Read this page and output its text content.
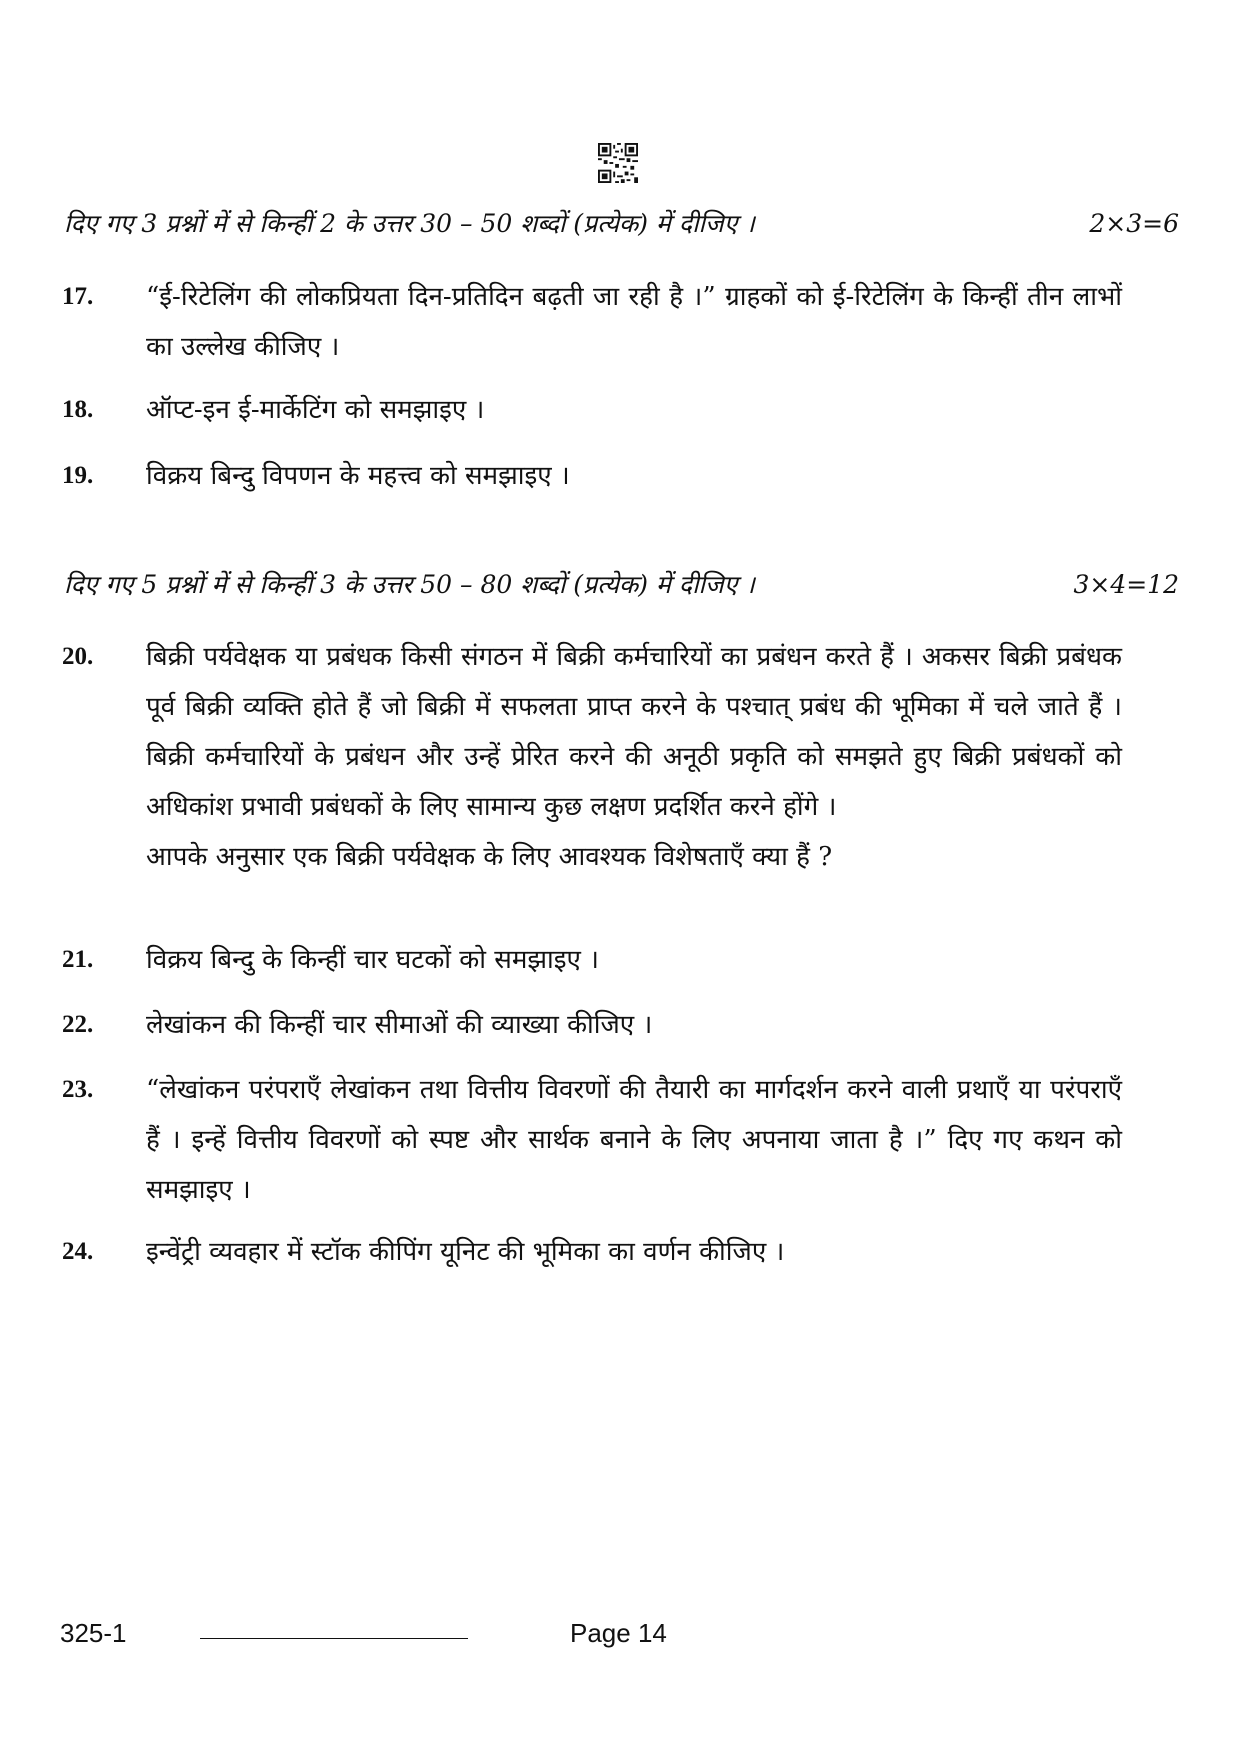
दिए गए 3 प्रश्नों में से किन्हीं 2 के उत्तर 30 – 50 शब्दों (प्रत्येक) में दीजिए ।	2×3=6
17.	“ई-रिटेलिंग की लोकप्रियता दिन-प्रतिदिन बढ़ती जा रही है ।” ग्राहकों को ई-रिटेलिंग के किन्हीं तीन लाभों का उल्लेख कीजिए ।
18.	ऑप्ट-इन ई-मार्केटिंग को समझाइए ।
19.	विक्रय बिन्दु विपणन के महत्त्व को समझाइए ।
दिए गए 5 प्रश्नों में से किन्हीं 3 के उत्तर 50 – 80 शब्दों (प्रत्येक) में दीजिए ।	3×4=12
20.	बिक्री पर्यवेक्षक या प्रबंधक किसी संगठन में बिक्री कर्मचारियों का प्रबंधन करते हैं । अकसर बिक्री प्रबंधक पूर्व बिक्री व्यक्ति होते हैं जो बिक्री में सफलता प्राप्त करने के पश्चात् प्रबंध की भूमिका में चले जाते हैं । बिक्री कर्मचारियों के प्रबंधन और उन्हें प्रेरित करने की अनूठी प्रकृति को समझते हुए बिक्री प्रबंधकों को अधिकांश प्रभावी प्रबंधकों के लिए सामान्य कुछ लक्षण प्रदर्शित करने होंगे ।

आपके अनुसार एक बिक्री पर्यवेक्षक के लिए आवश्यक विशेषताएँ क्या हैं ?

21.	विक्रय बिन्दु के किन्हीं चार घटकों को समझाइए ।
22.	लेखांकन की किन्हीं चार सीमाओं की व्याख्या कीजिए ।
23.	“लेखांकन परंपराएँ लेखांकन तथा वित्तीय विवरणों की तैयारी का मार्गदर्शन करने वाली प्रथाएँ या परंपराएँ हैं । इन्हें वित्तीय विवरणों को स्पष्ट और सार्थक बनाने के लिए अपनाया जाता है ।” दिए गए कथन को समझाइए ।
24.	इन्वेंट्री व्यवहार में स्टॉक कीपिंग यूनिट की भूमिका का वर्णन कीजिए ।
325-1	Page 14
